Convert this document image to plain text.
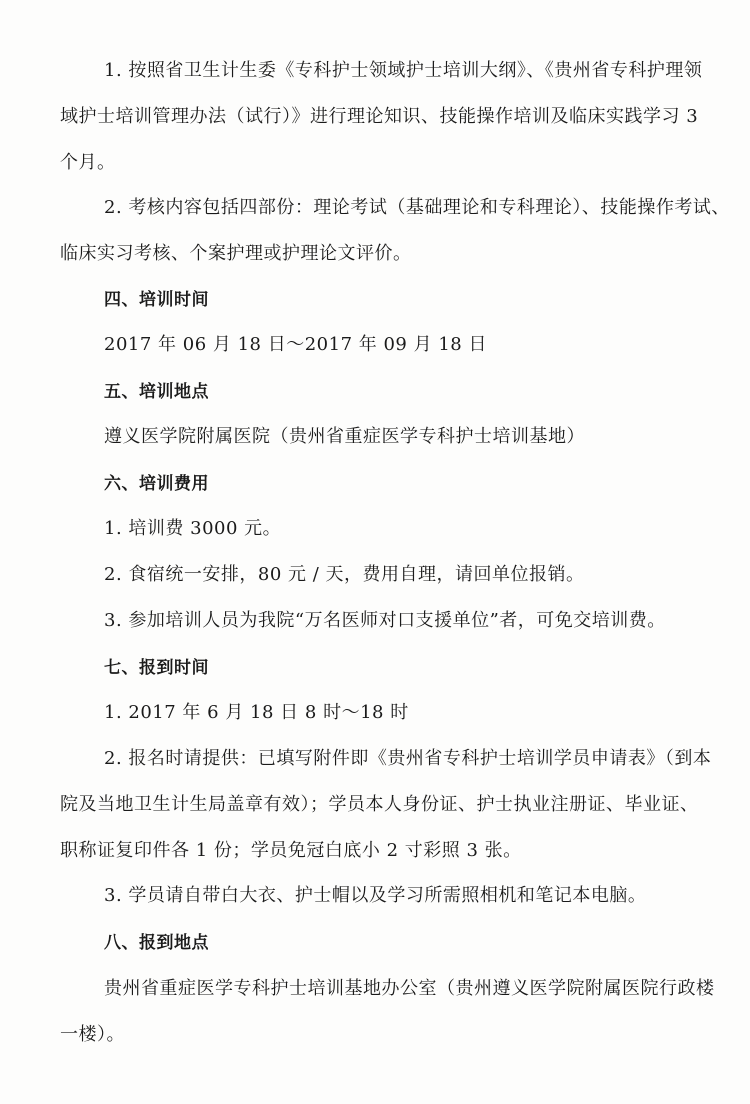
1. 按照省卫生计生委《专科护士领域护士培训大纲》、《贵州省专科护理领
域护士培训管理办法（试行）》进行理论知识、技能操作培训及临床实践学习 3
个月。
2. 考核内容包括四部份：理论考试（基础理论和专科理论）、技能操作考试、
临床实习考核、个案护理或护理论文评价。
四、培训时间
2017 年 06 月 18 日～2017 年 09 月 18 日
五、培训地点
遵义医学院附属医院（贵州省重症医学专科护士培训基地）
六、培训费用
1. 培训费 3000 元。
2. 食宿统一安排，80 元 / 天，费用自理，请回单位报销。
3. 参加培训人员为我院“万名医师对口支援单位”者，可免交培训费。
七、报到时间
1. 2017 年 6 月 18 日 8 时～18 时
2. 报名时请提供：已填写附件即《贵州省专科护士培训学员申请表》（到本
院及当地卫生计生局盖章有效）；学员本人身份证、护士执业注册证、毕业证、
职称证复印件各 1 份；学员免冠白底小 2 寸彩照 3 张。
3. 学员请自带白大衣、护士帽以及学习所需照相机和笔记本电脑。
八、报到地点
贵州省重症医学专科护士培训基地办公室（贵州遵义医学院附属医院行政楼
一楼）。
